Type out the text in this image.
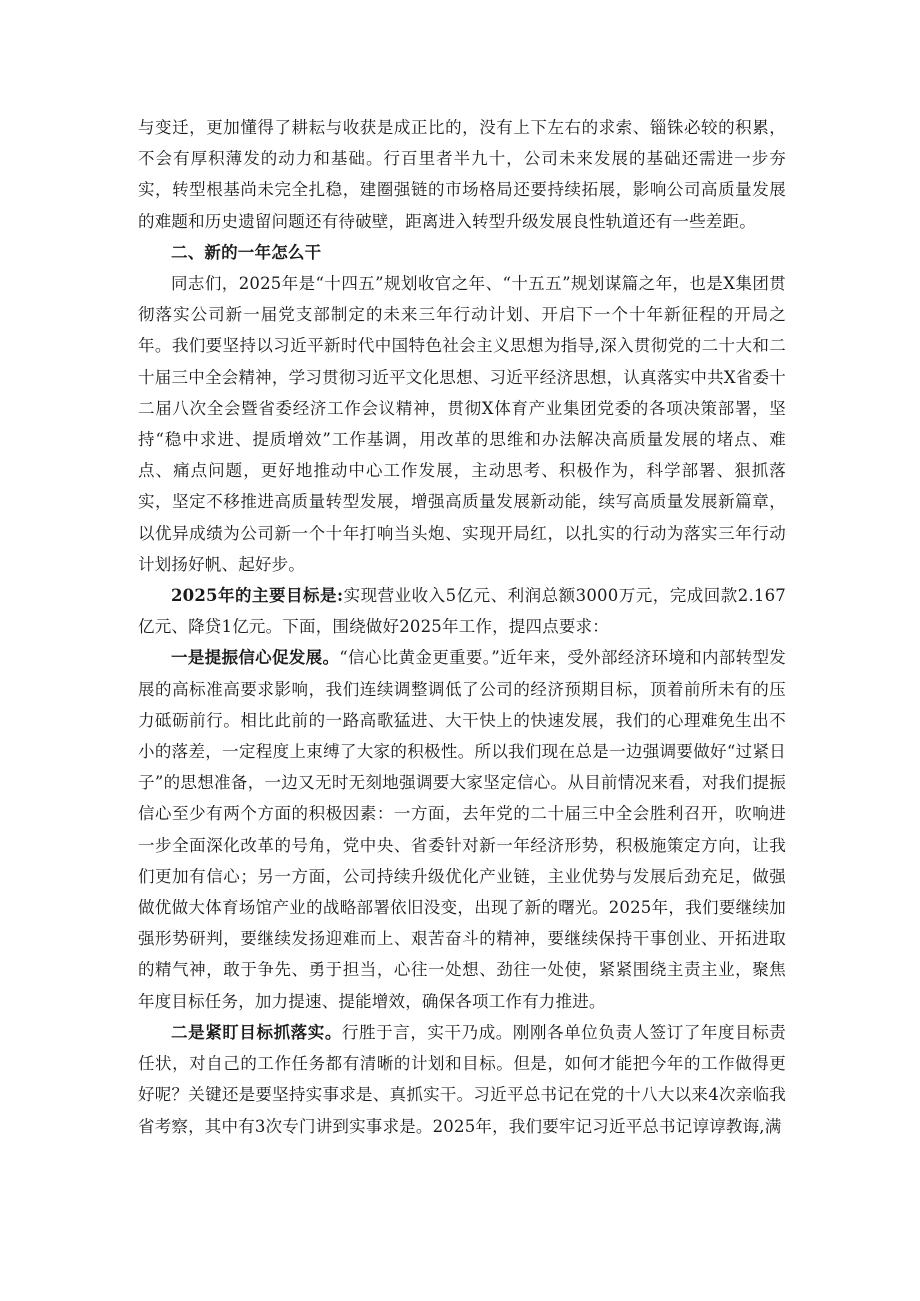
与变迁，更加懂得了耕耘与收获是成正比的，没有上下左右的求索、锱铢必较的积累，不会有厚积薄发的动力和基础。行百里者半九十，公司未来发展的基础还需进一步夯实，转型根基尚未完全扎稳，建圈强链的市场格局还要持续拓展，影响公司高质量发展的难题和历史遗留问题还有待破壁，距离进入转型升级发展良性轨道还有一些差距。

二、新的一年怎么干

同志们，2025年是“十四五”规划收官之年、“十五五”规划谋篇之年，也是X集团贯彻落实公司新一届党支部制定的未来三年行动计划、开启下一个十年新征程的开局之年。我们要坚持以习近平新时代中国特色社会主义思想为指导,深入贯彻党的二十大和二十届三中全会精神，学习贯彻习近平文化思想、习近平经济思想，认真落实中共X省委十二届八次全会暨省委经济工作会议精神，贯彻X体育产业集团党委的各项决策部署，坚持“稳中求进、提质增效”工作基调，用改革的思维和办法解决高质量发展的堵点、难点、痛点问题，更好地推动中心工作发展，主动思考、积极作为，科学部署、狠抓落实，坚定不移推进高质量转型发展，增强高质量发展新动能，续写高质量发展新篇章，以优异成绩为公司新一个十年打响当头炮、实现开局红，以扎实的行动为落实三年行动计划扬好帆、起好步。

2025年的主要目标是:实现营业收入5亿元、利润总额3000万元，完成回款2.167亿元、降贷1亿元。下面，围绕做好2025年工作，提四点要求：

一是提振信心促发展。“信心比黄金更重要。”近年来，受外部经济环境和内部转型发展的高标准高要求影响，我们连续调整调低了公司的经济预期目标，顶着前所未有的压力砥砺前行。相比此前的一路高歌猛进、大干快上的快速发展，我们的心理难免生出不小的落差，一定程度上束缚了大家的积极性。所以我们现在总是一边强调要做好“过紧日子”的思想准备，一边又无时无刻地强调要大家坚定信心。从目前情况来看，对我们提振信心至少有两个方面的积极因素：一方面，去年党的二十届三中全会胜利召开，吹响进一步全面深化改革的号角，党中央、省委针对新一年经济形势，积极施策定方向，让我们更加有信心；另一方面，公司持续升级优化产业链，主业优势与发展后劲充足，做强做优做大体育场馆产业的战略部署依旧没变，出现了新的曙光。2025年，我们要继续加强形势研判，要继续发扬迎难而上、艰苦奋斗的精神，要继续保持干事创业、开拓进取的精气神，敢于争先、勇于担当，心往一处想、劲往一处使，紧紧围绕主责主业，聚焦年度目标任务，加力提速、提能增效，确保各项工作有力推进。

二是紧盯目标抓落实。行胜于言，实干乃成。刚刚各单位负责人签订了年度目标责任状，对自己的工作任务都有清晰的计划和目标。但是，如何才能把今年的工作做得更好呢？关键还是要坚持实事求是、真抓实干。习近平总书记在党的十八大以来4次亲临我省考察，其中有3次专门讲到实事求是。2025年，我们要牢记习近平总书记谆谆教诲,满
